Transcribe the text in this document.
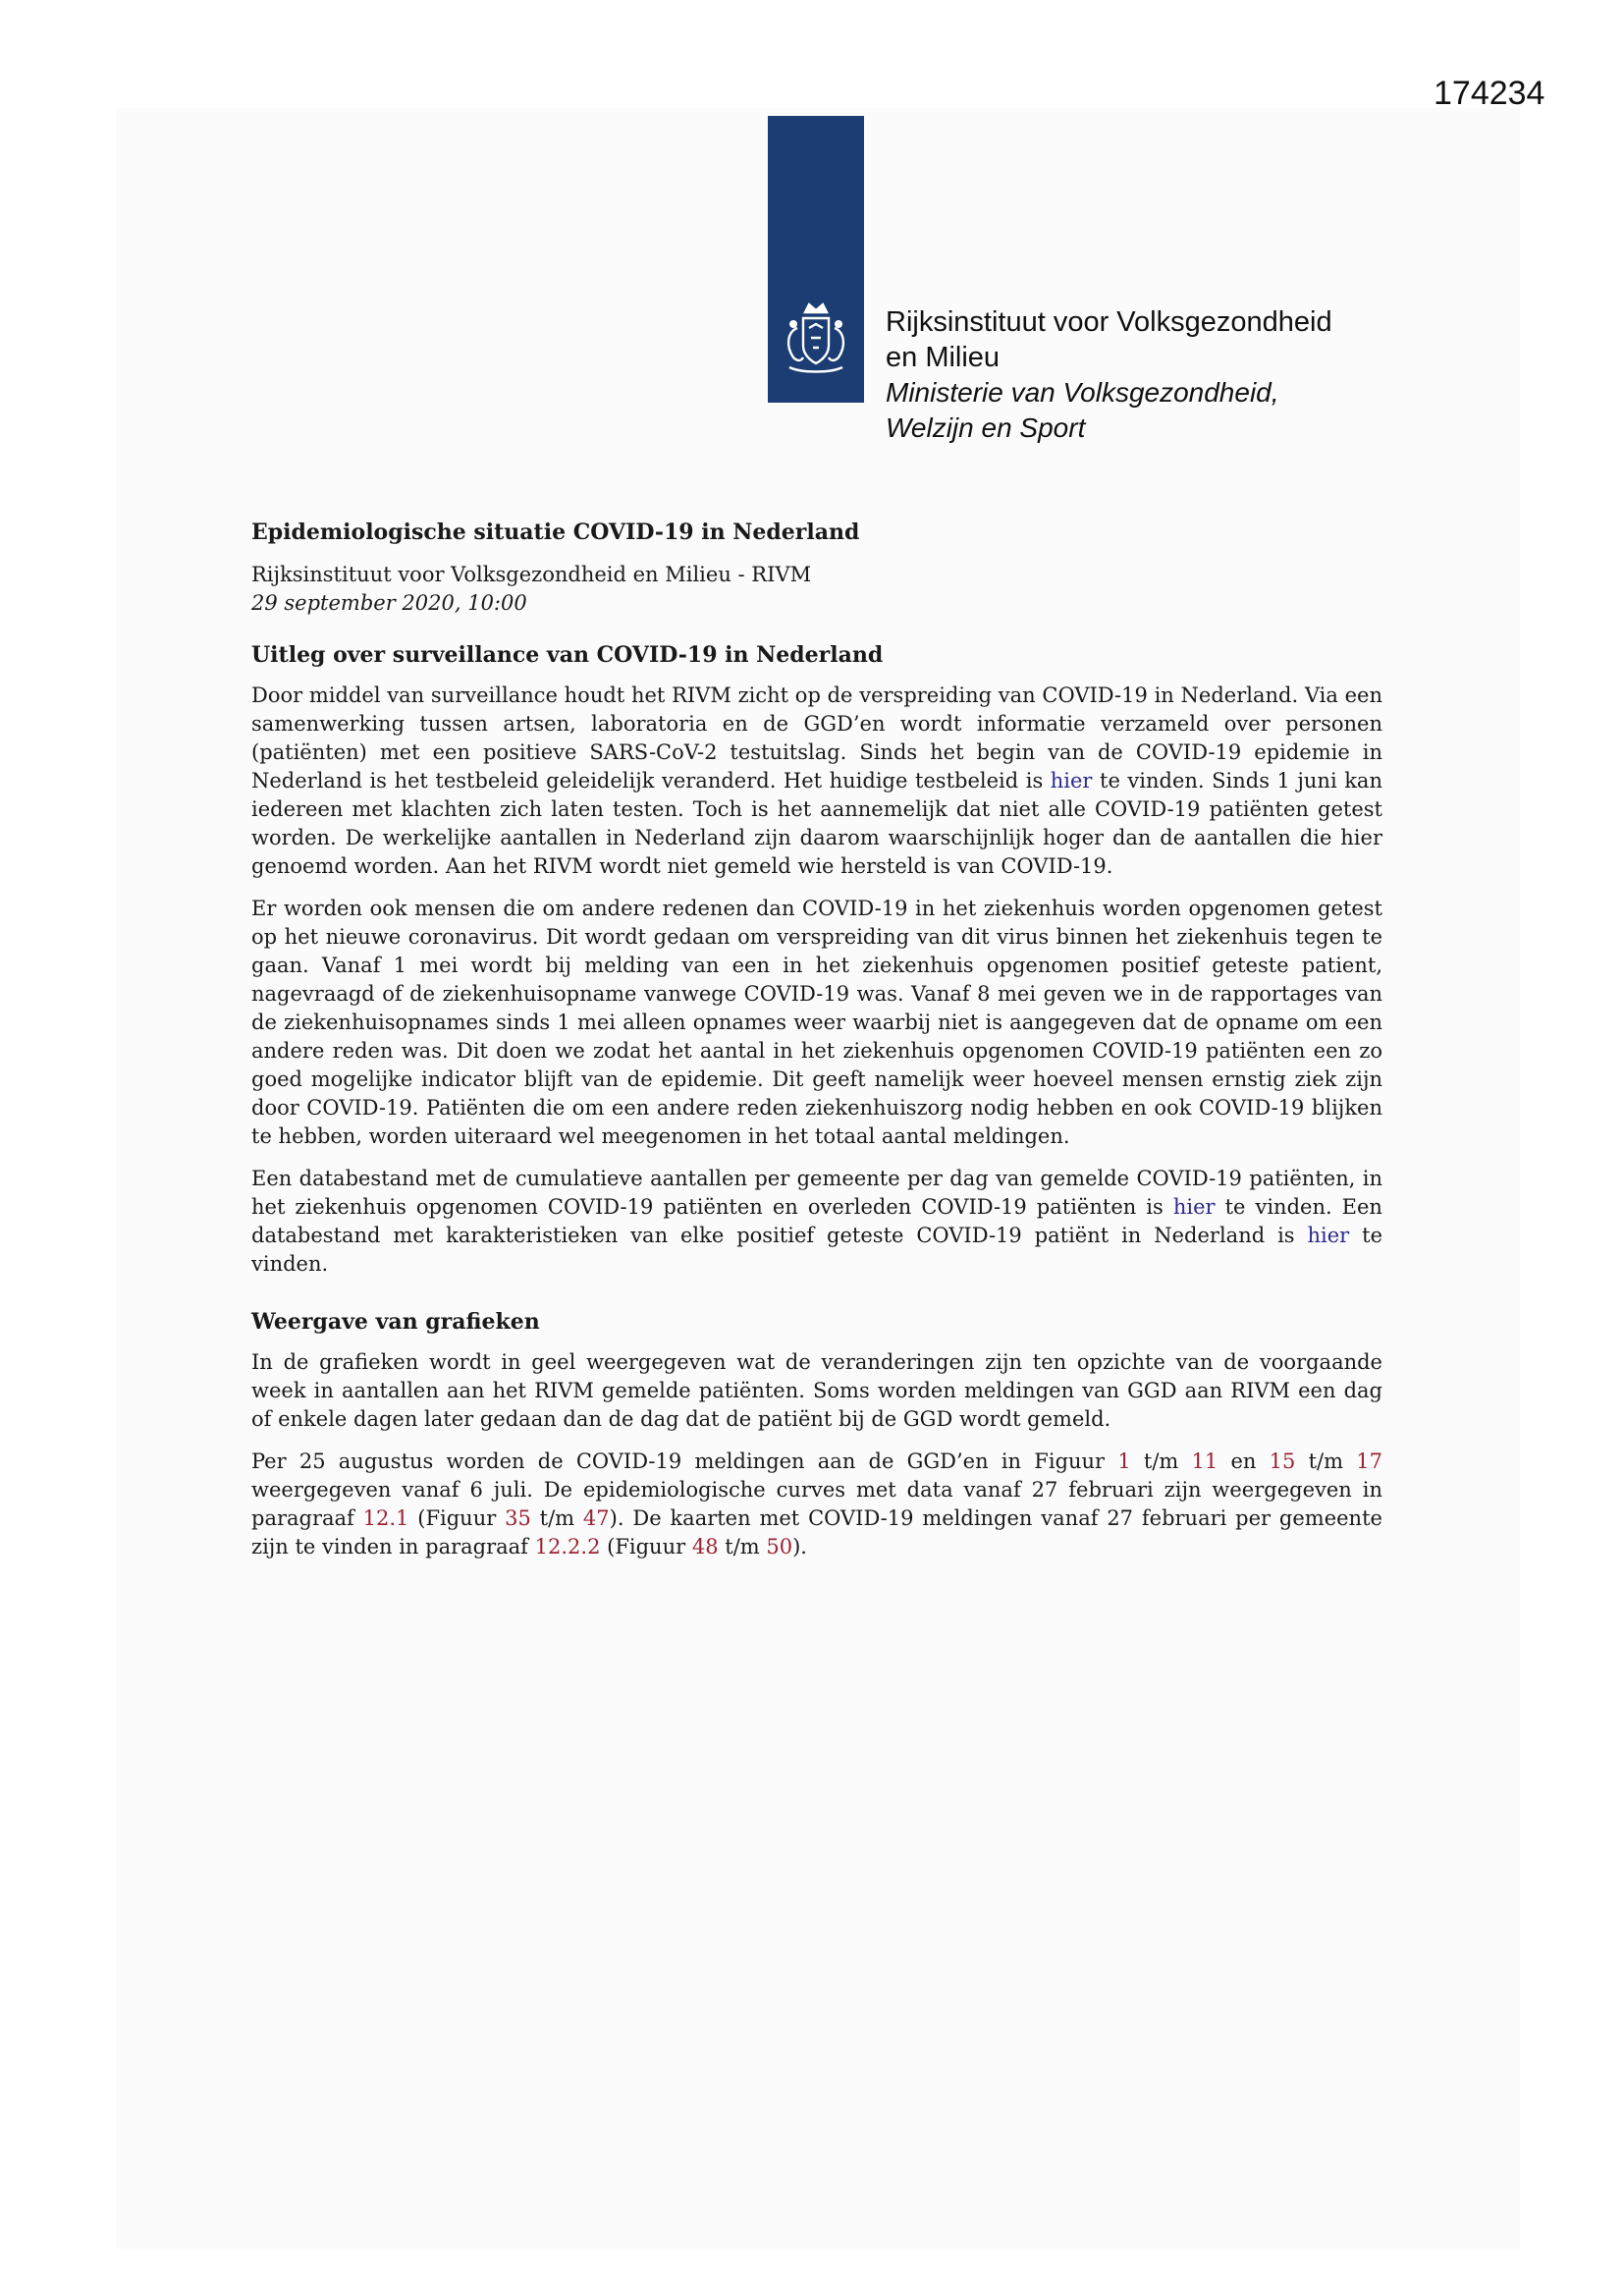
174234
Rijksinstituut voor Volksgezondheid
en Milieu
Ministerie van Volksgezondheid,
Welzijn en Sport
Epidemiologische situatie COVID-19 in Nederland
Rijksinstituut voor Volksgezondheid en Milieu - RIVM
29 september 2020, 10:00
Uitleg over surveillance van COVID-19 in Nederland

Door middel van surveillance houdt het RIVM zicht op de verspreiding van COVID-19 in Nederland. Via een samenwerking tussen artsen, laboratoria en de GGD’en wordt informatie verzameld over personen (patiënten) met een positieve SARS-CoV-2 testuitslag. Sinds het begin van de COVID-19 epidemie in Nederland is het testbeleid geleidelijk veranderd. Het huidige testbeleid is hier te vinden. Sinds 1 juni kan iedereen met klachten zich laten testen. Toch is het aannemelijk dat niet alle COVID-19 patiënten getest worden. De werkelijke aantallen in Nederland zijn daarom waarschijnlijk hoger dan de aantallen die hier genoemd worden. Aan het RIVM wordt niet gemeld wie hersteld is van COVID-19.

Er worden ook mensen die om andere redenen dan COVID-19 in het ziekenhuis worden opgenomen getest op het nieuwe coronavirus. Dit wordt gedaan om verspreiding van dit virus binnen het ziekenhuis tegen te gaan. Vanaf 1 mei wordt bij melding van een in het ziekenhuis opgenomen positief geteste patient, nagevraagd of de ziekenhuisopname vanwege COVID-19 was. Vanaf 8 mei geven we in de rapportages van de ziekenhuisopnames sinds 1 mei alleen opnames weer waarbij niet is aangegeven dat de opname om een andere reden was. Dit doen we zodat het aantal in het ziekenhuis opgenomen COVID-19 patiënten een zo goed mogelijke indicator blijft van de epidemie. Dit geeft namelijk weer hoeveel mensen ernstig ziek zijn door COVID-19. Patiënten die om een andere reden ziekenhuiszorg nodig hebben en ook COVID-19 blijken te hebben, worden uiteraard wel meegenomen in het totaal aantal meldingen.

Een databestand met de cumulatieve aantallen per gemeente per dag van gemelde COVID-19 patiënten, in het ziekenhuis opgenomen COVID-19 patiënten en overleden COVID-19 patiënten is hier te vinden. Een databestand met karakteristieken van elke positief geteste COVID-19 patiënt in Nederland is hier te vinden.

Weergave van grafieken

In de grafieken wordt in geel weergegeven wat de veranderingen zijn ten opzichte van de voorgaande week in aantallen aan het RIVM gemelde patiënten. Soms worden meldingen van GGD aan RIVM een dag of enkele dagen later gedaan dan de dag dat de patiënt bij de GGD wordt gemeld.

Per 25 augustus worden de COVID-19 meldingen aan de GGD’en in Figuur 1 t/m 11 en 15 t/m 17 weergegeven vanaf 6 juli. De epidemiologische curves met data vanaf 27 februari zijn weergegeven in paragraaf 12.1 (Figuur 35 t/m 47). De kaarten met COVID-19 meldingen vanaf 27 februari per gemeente zijn te vinden in paragraaf 12.2.2 (Figuur 48 t/m 50).
